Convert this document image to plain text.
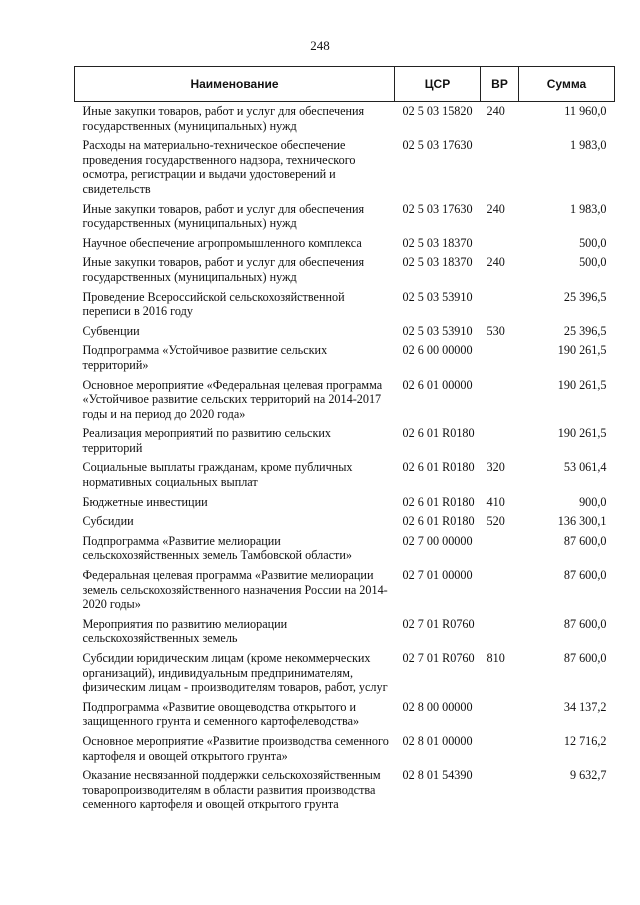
248
Наименование	ЦСР	ВР	Сумма
Иные закупки товаров, работ и услуг для обеспечения государственных (муниципальных) нужд	02 5 03 15820	240	11 960,0
Расходы на материально-техническое обеспечение проведения государственного надзора, технического осмотра, регистрации и выдачи удостоверений и свидетельств	02 5 03 17630		1 983,0
Иные закупки товаров, работ и услуг для обеспечения государственных (муниципальных) нужд	02 5 03 17630	240	1 983,0
Научное обеспечение агропромышленного комплекса	02 5 03 18370		500,0
Иные закупки товаров, работ и услуг для обеспечения государственных (муниципальных) нужд	02 5 03 18370	240	500,0
Проведение Всероссийской сельскохозяйственной переписи в 2016 году	02 5 03 53910		25 396,5
Субвенции	02 5 03 53910	530	25 396,5
Подпрограмма «Устойчивое развитие сельских территорий»	02 6 00 00000		190 261,5
Основное мероприятие «Федеральная целевая программа «Устойчивое развитие сельских территорий на 2014-2017 годы и на период до 2020 года»	02 6 01 00000		190 261,5
Реализация мероприятий по развитию сельских территорий	02 6 01 R0180		190 261,5
Социальные выплаты гражданам, кроме публичных нормативных социальных выплат	02 6 01 R0180	320	53 061,4
Бюджетные инвестиции	02 6 01 R0180	410	900,0
Субсидии	02 6 01 R0180	520	136 300,1
Подпрограмма «Развитие мелиорации сельскохозяйственных земель Тамбовской области»	02 7 00 00000		87 600,0
Федеральная целевая программа «Развитие мелиорации земель сельскохозяйственного назначения России на 2014-2020 годы»	02 7 01 00000		87 600,0
Мероприятия по развитию мелиорации сельскохозяйственных земель	02 7 01 R0760		87 600,0
Субсидии юридическим лицам (кроме некоммерческих организаций), индивидуальным предпринимателям, физическим лицам - производителям товаров, работ, услуг	02 7 01 R0760	810	87 600,0
Подпрограмма «Развитие овощеводства открытого и защищенного грунта и семенного картофелеводства»	02 8 00 00000		34 137,2
Основное мероприятие «Развитие производства семенного картофеля и овощей открытого грунта»	02 8 01 00000		12 716,2
Оказание несвязанной поддержки сельскохозяйственным товаропроизводителям в области развития производства семенного картофеля и овощей открытого грунта	02 8 01 54390		9 632,7
